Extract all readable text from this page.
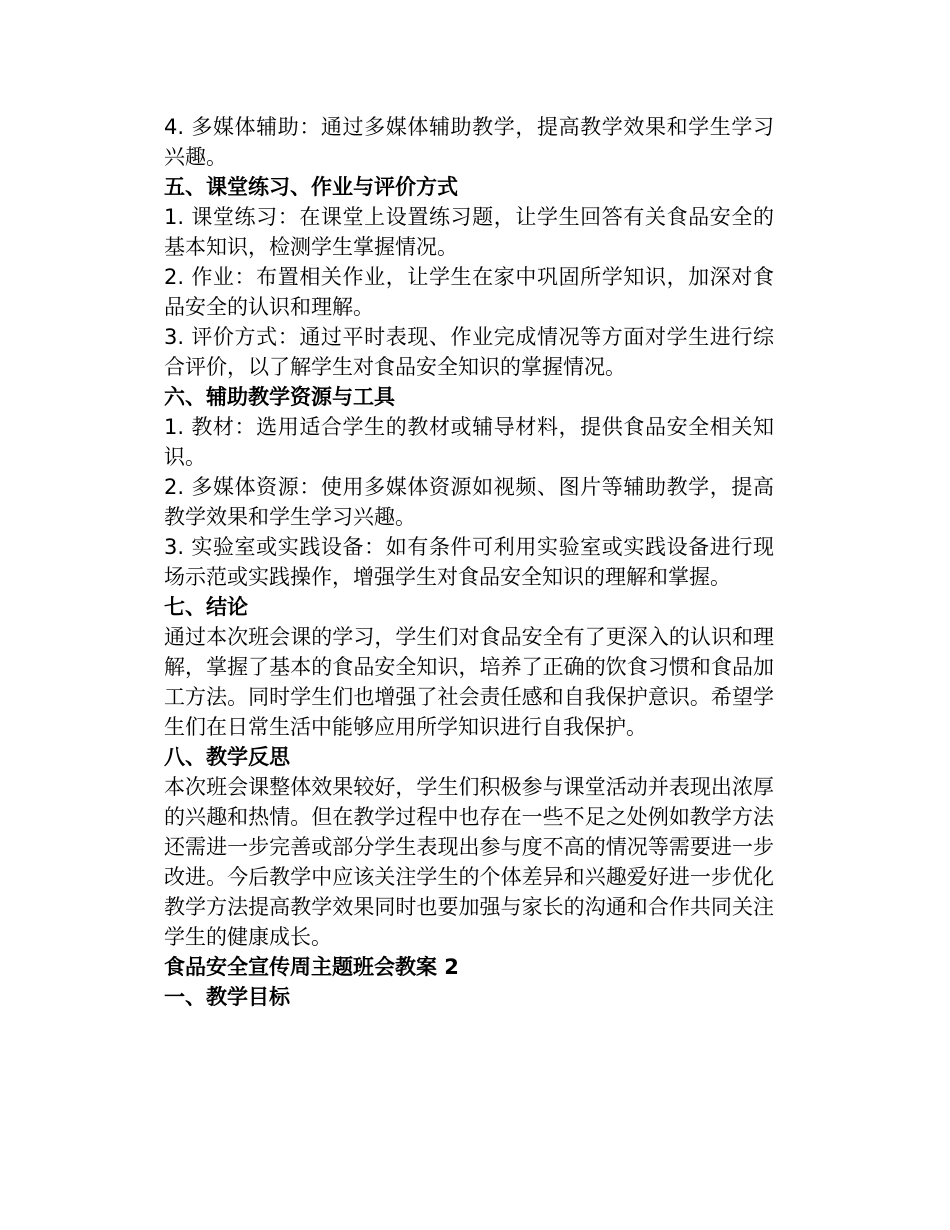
4. 多媒体辅助：通过多媒体辅助教学，提高教学效果和学生学习兴趣。

五、课堂练习、作业与评价方式

1. 课堂练习：在课堂上设置练习题，让学生回答有关食品安全的基本知识，检测学生掌握情况。

2. 作业：布置相关作业，让学生在家中巩固所学知识，加深对食品安全的认识和理解。

3. 评价方式：通过平时表现、作业完成情况等方面对学生进行综合评价，以了解学生对食品安全知识的掌握情况。

六、辅助教学资源与工具

1. 教材：选用适合学生的教材或辅导材料，提供食品安全相关知识。

2. 多媒体资源：使用多媒体资源如视频、图片等辅助教学，提高教学效果和学生学习兴趣。

3. 实验室或实践设备：如有条件可利用实验室或实践设备进行现场示范或实践操作，增强学生对食品安全知识的理解和掌握。

七、结论

通过本次班会课的学习，学生们对食品安全有了更深入的认识和理解，掌握了基本的食品安全知识，培养了正确的饮食习惯和食品加工方法。同时学生们也增强了社会责任感和自我保护意识。希望学生们在日常生活中能够应用所学知识进行自我保护。

八、教学反思

本次班会课整体效果较好，学生们积极参与课堂活动并表现出浓厚的兴趣和热情。但在教学过程中也存在一些不足之处例如教学方法还需进一步完善或部分学生表现出参与度不高的情况等需要进一步改进。今后教学中应该关注学生的个体差异和兴趣爱好进一步优化教学方法提高教学效果同时也要加强与家长的沟通和合作共同关注学生的健康成长。

食品安全宣传周主题班会教案 2

一、教学目标
